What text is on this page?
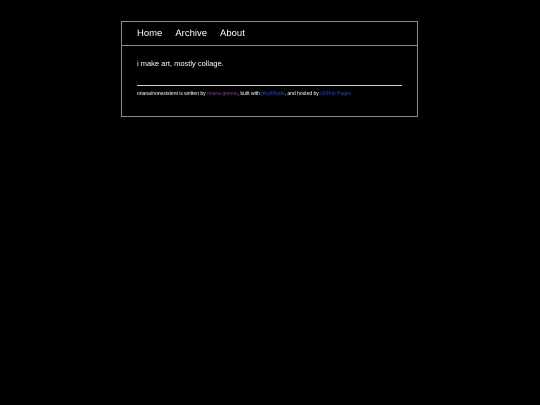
Home Archive About

i make art, mostly collage.

oriana/nonexistent is written by oriana grenier, built with jekyll/hyde, and hosted by GitHub Pages
